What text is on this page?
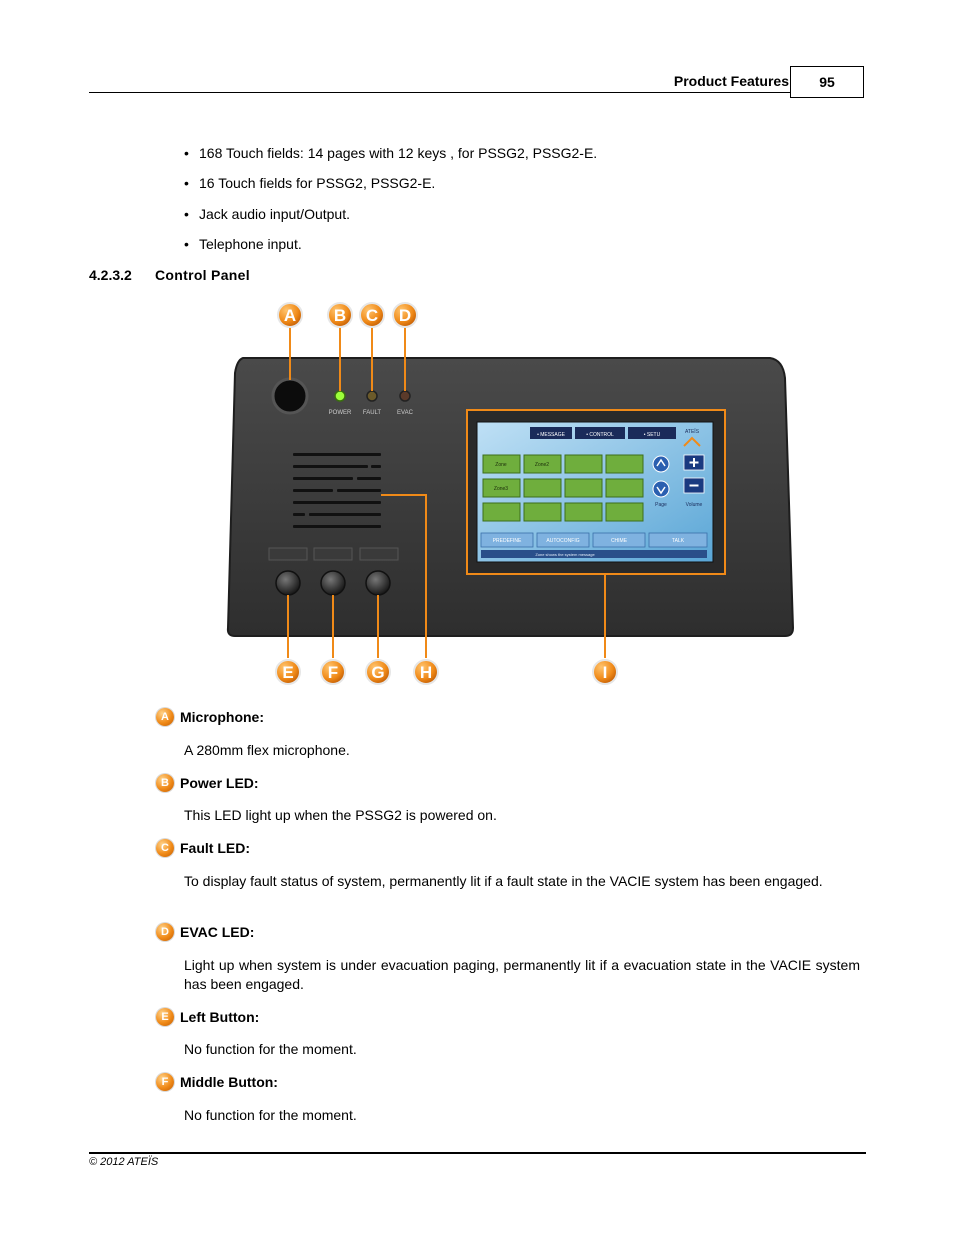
Product Features	95
• 168 Touch fields: 14 pages with 12 keys , for PSSG2, PSSG2-E.
• 16 Touch fields for PSSG2, PSSG2-E.
• Jack audio input/Output.
• Telephone input.
4.2.3.2 Control Panel
POWER FAULT	EVAC
• MESSAGE	• CONTROL	• SETU	ATEÏS
Zone	Zone2
Zone3
Page	Volume
PREDEFINE	AUTOCONFIG	CHIME	TALK
Zone shows the system message
A B C D
E F G H	I
A Microphone:

A 280mm flex microphone.

B Power LED:

This LED light up when the PSSG2 is powered on.

C Fault LED:

To display fault status of system, permanently lit if a fault state in the VACIE system has been engaged.

D EVAC LED:

Light up when system is under evacuation paging, permanently lit if a evacuation state in the VACIE system has been engaged.

E Left Button:

No function for the moment.

F Middle Button:

No function for the moment.

© 2012 ATEÏS
